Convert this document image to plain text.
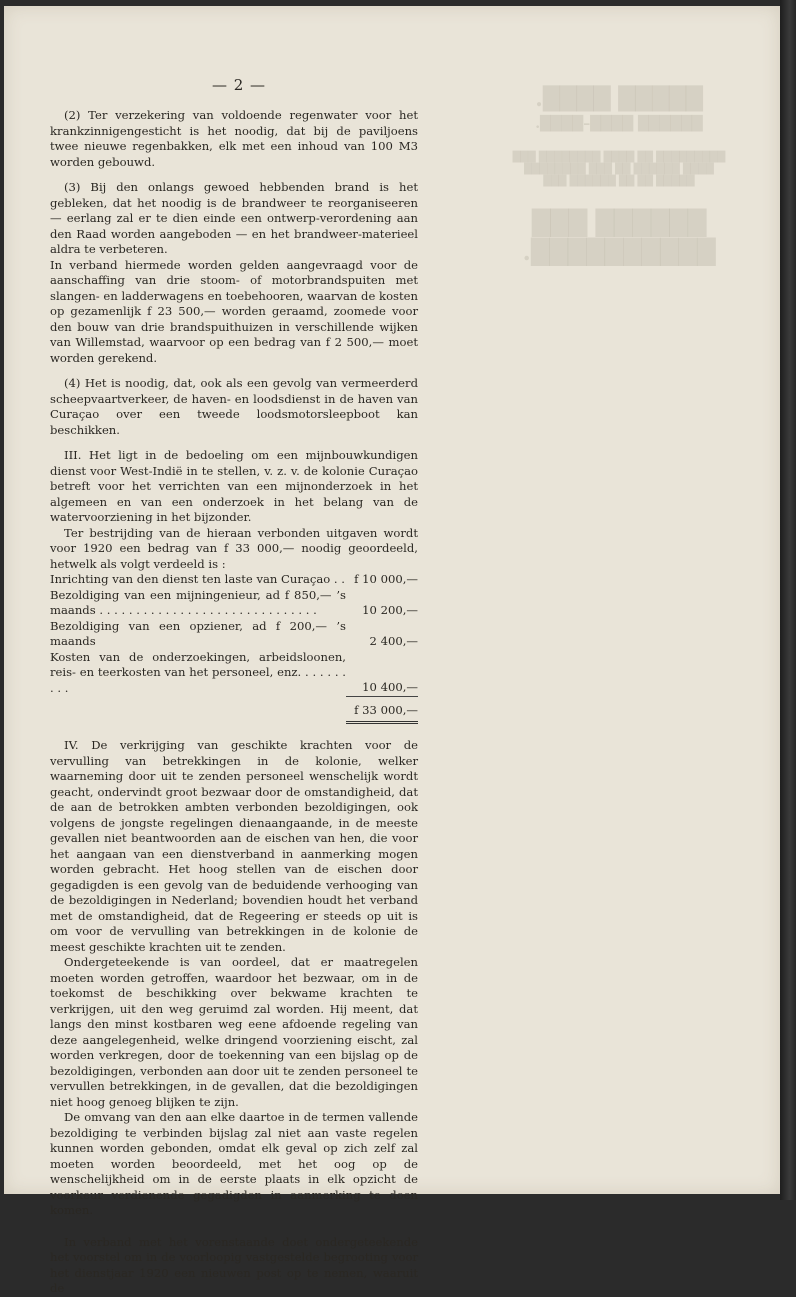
█████ ████.
██████ ████–████.
█████████ ██ ████ ████████ ███
████ ██████ ██ ███ ████████
█████ ██ ██ ██████ ███
██████ ███ ██████████.
— 2 —

(2) Ter verzekering van voldoende regenwater voor het krankzinnigengesticht is het noodig, dat bij de paviljoens twee nieuwe regenbakken, elk met een inhoud van 100 M3 worden gebouwd.

(3) Bij den onlangs gewoed hebbenden brand is het gebleken, dat het noodig is de brandweer te reorganiseeren — eerlang zal er te dien einde een ontwerp-verordening aan den Raad worden aangeboden — en het brandweer-materieel aldra te verbeteren.

In verband hiermede worden gelden aangevraagd voor de aanschaffing van drie stoom- of motorbrandspuiten met slangen- en ladderwagens en toebehooren, waarvan de kosten op gezamenlijk f 23 500,— worden geraamd, zoomede voor den bouw van drie brandspuithuizen in verschillende wijken van Willemstad, waarvoor op een bedrag van f 2 500,— moet worden gerekend.

(4) Het is noodig, dat, ook als een gevolg van vermeerderd scheepvaartverkeer, de haven- en loodsdienst in de haven van Curaçao over een tweede loodsmotorsleepboot kan beschikken.

III. Het ligt in de bedoeling om een mijnbouwkundigen dienst voor West-Indië in te stellen, v. z. v. de kolonie Curaçao betreft voor het verrichten van een mijnonderzoek in het algemeen en van een onderzoek in het belang van de watervoorziening in het bijzonder.

Ter bestrijding van de hieraan verbonden uitgaven wordt voor 1920 een bedrag van f 33 000,— noodig geoordeeld, hetwelk als volgt verdeeld is :

Inrichting van den dienst ten laste van Curaçao . .	f 10 000,—
Bezoldiging van een mijningenieur, ad f 850,— ’s maands . . . . . . . . . . . . . . . . . . . . . . . . . . . . . .	10 200,—
Bezoldiging van een opziener, ad f 200,— ’s maands	2 400,—
Kosten van de onderzoekingen, arbeidsloonen, reis- en teerkosten van het personeel, enz. . . . . . . . . .	10 400,—

	f 33 000,—

IV. De verkrijging van geschikte krachten voor de vervulling van betrekkingen in de kolonie, welker waarneming door uit te zenden personeel wenschelijk wordt geacht, ondervindt groot bezwaar door de omstandigheid, dat de aan de betrokken ambten verbonden bezoldigingen, ook volgens de jongste regelingen dienaangaande, in de meeste gevallen niet beantwoorden aan de eischen van hen, die voor het aangaan van een dienstverband in aanmerking mogen worden gebracht. Het hoog stellen van de eischen door gegadigden is een gevolg van de beduidende verhooging van de bezoldigingen in Nederland; bovendien houdt het verband met de omstandigheid, dat de Regeering er steeds op uit is om voor de vervulling van betrekkingen in de kolonie de meest geschikte krachten uit te zenden.

Ondergeteekende is van oordeel, dat er maatregelen moeten worden getroffen, waardoor het bezwaar, om in de toekomst de beschikking over bekwame krachten te verkrijgen, uit den weg geruimd zal worden. Hij meent, dat langs den minst kostbaren weg eene afdoende regeling van deze aangelegenheid, welke dringend voorziening eischt, zal worden verkregen, door de toekenning van een bijslag op de bezoldigingen, verbonden aan door uit te zenden personeel te vervullen betrekkingen, in de gevallen, dat die bezoldigingen niet hoog genoeg blijken te zijn.

De omvang van den aan elke daartoe in de termen vallende bezoldiging te verbinden bijslag zal niet aan vaste regelen kunnen worden gebonden, omdat elk geval op zich zelf zal moeten worden beoordeeld, met het oog op de wenschelijkheid om in de eerste plaats in elk opzicht de voorkeur verdienende gegadigden in aanmerking te doen komen.

In verband met het vorenstaande doet ondergeteekende het voorstel om in de voorloopig vastgestelde begrooting voor het dienstjaar 1920 een nieuwen post op te nemen, waaruit de
